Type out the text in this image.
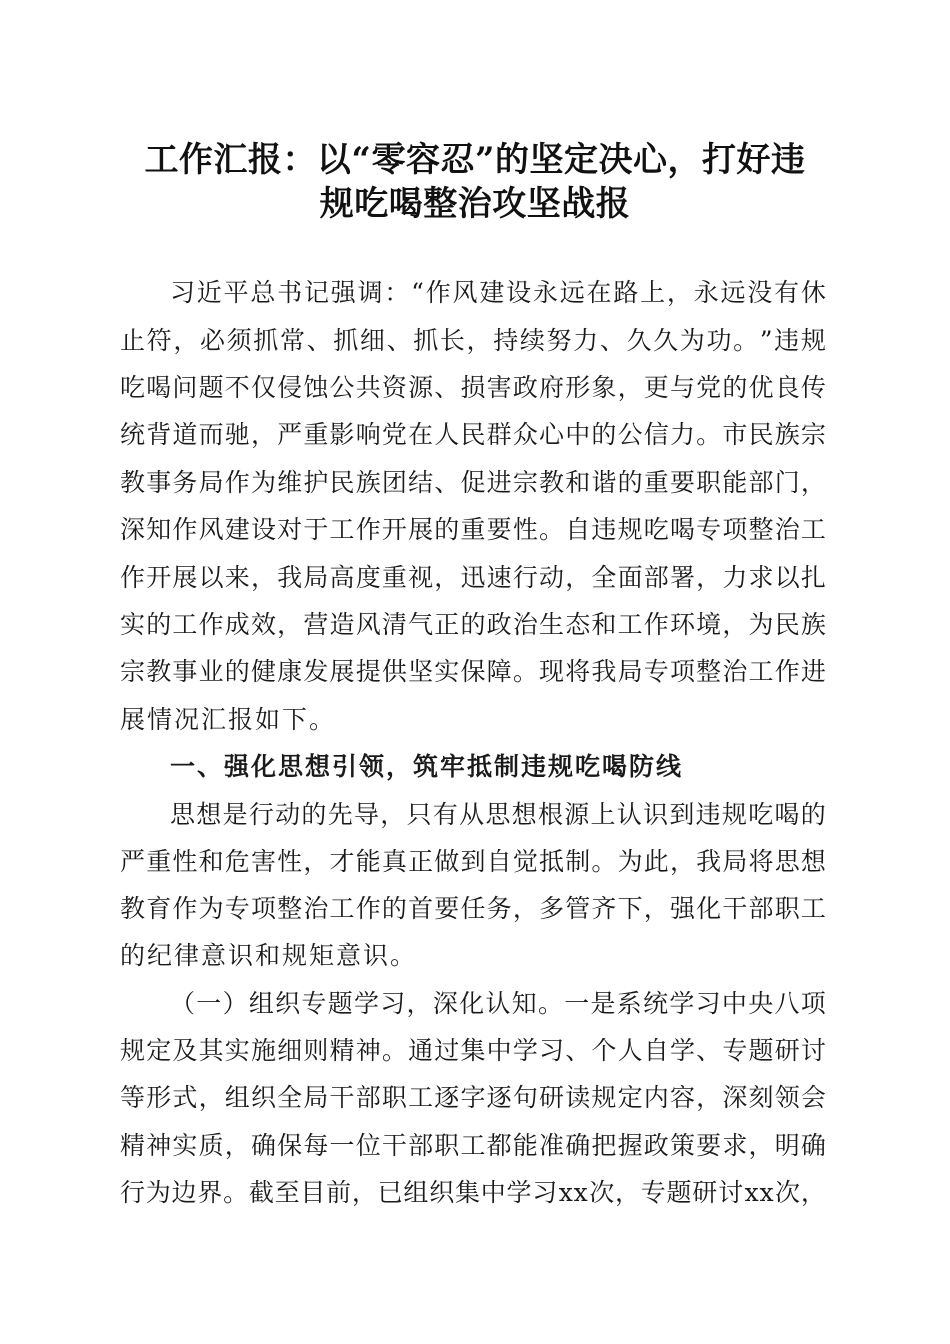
工作汇报：以“零容忍”的坚定决心，打好违
规吃喝整治攻坚战报
习 近 平 总 书 记 强 调 ： “ 作 风 建 设 永 远 在 路 上 ， 永 远 没 有 休
止 符 ， 必 须 抓 常 、 抓 细 、 抓 长 ， 持 续 努 力 、 久 久 为 功 。 ” 违 规
吃 喝 问 题 不 仅 侵 蚀 公 共 资 源 、 损 害 政 府 形 象 ， 更 与 党 的 优 良 传
统 背 道 而 驰 ， 严 重 影 响 党 在 人 民 群 众 心 中 的 公 信 力 。 市 民 族 宗
教 事 务 局 作 为 维 护 民 族 团 结 、 促 进 宗 教 和 谐 的 重 要 职 能 部 门 ，
深 知 作 风 建 设 对 于 工 作 开 展 的 重 要 性 。 自 违 规 吃 喝 专 项 整 治 工
作 开 展 以 来 ， 我 局 高 度 重 视 ， 迅 速 行 动 ， 全 面 部 署 ， 力 求 以 扎
实 的 工 作 成 效 ， 营 造 风 清 气 正 的 政 治 生 态 和 工 作 环 境 ， 为 民 族
宗 教 事 业 的 健 康 发 展 提 供 坚 实 保 障 。 现 将 我 局 专 项 整 治 工 作 进
展情况汇报如下。
一、强化思想引领，筑牢抵制违规吃喝防线
思 想 是 行 动 的 先 导 ， 只 有 从 思 想 根 源 上 认 识 到 违 规 吃 喝 的
严 重 性 和 危 害 性 ， 才 能 真 正 做 到 自 觉 抵 制 。 为 此 ， 我 局 将 思 想
教 育 作 为 专 项 整 治 工 作 的 首 要 任 务 ， 多 管 齐 下 ， 强 化 干 部 职 工
的纪律意识和规矩意识。
（ 一 ） 组 织 专 题 学 习 ， 深 化 认 知 。 一 是 系 统 学 习 中 央 八 项
规 定 及 其 实 施 细 则 精 神 。 通 过 集 中 学 习 、 个 人 自 学 、 专 题 研 讨
等 形 式 ， 组 织 全 局 干 部 职 工 逐 字 逐 句 研 读 规 定 内 容 ， 深 刻 领 会
精 神 实 质 ， 确 保 每 一 位 干 部 职 工 都 能 准 确 把 握 政 策 要 求 ， 明 确
行 为 边 界 。 截 至 目 前 ， 已 组 织 集 中 学 习 x x 次 ， 专 题 研 讨 x x 次 ，
